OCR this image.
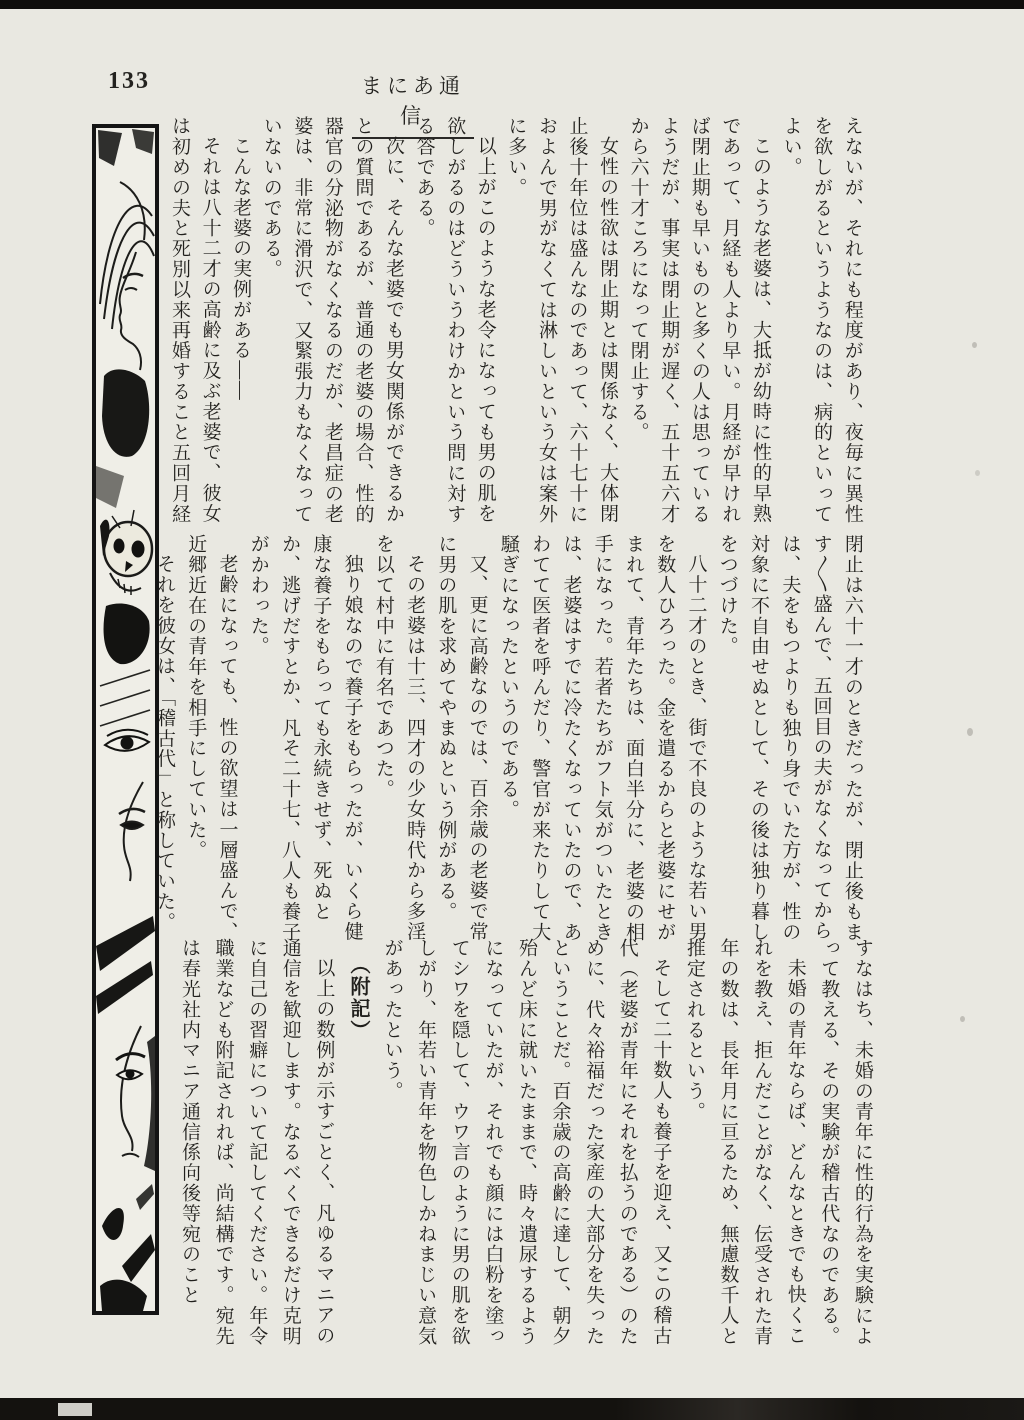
133	まにあ通信	えないが、それにも程度があり、夜毎に異性
を欲しがるというようなのは、病的といって
よい。
このような老婆は、大抵が幼時に性的早熟
であって、月経も人より早い。月経が早けれ
ば閉止期も早いものと多くの人は思っている
ようだが、事実は閉止期が遅く、五十五六才
から六十才ころになって閉止する。
女性の性欲は閉止期とは関係なく、大体閉
止後十年位は盛んなのであって、六十七十に
およんで男がなくては淋しいという女は案外
に多い。
以上がこのような老令になっても男の肌を
欲しがるのはどういうわけかという問に対す
る答である。
次に、そんな老婆でも男女関係ができるか
との質問であるが、普通の老婆の場合、性的
器官の分泌物がなくなるのだが、老昌症の老
婆は、非常に滑沢で、又緊張力もなくなって
いないのである。
こんな老婆の実例がある――
それは八十二才の高齢に及ぶ老婆で、彼女
は初めの夫と死別以来再婚すること五回月経
閉止は六十一才のときだったが、閉止後もま
す〱盛んで、五回目の夫がなくなってから
は、夫をもつよりも独り身でいた方が、性の
対象に不自由せぬとして、その後は独り暮し
をつづけた。
八十二才のとき、街で不良のような若い男
を数人ひろった。金を遣るからと老婆にせが
まれて、青年たちは、面白半分に、老婆の相
手になった。若者たちがフト気がついたとき
は、老婆はすでに冷たくなっていたので、あ
わてて医者を呼んだり、警官が来たりして大
騒ぎになったというのである。
又、更に高齢なのでは、百余歳の老婆で常
に男の肌を求めてやまぬという例がある。
その老婆は十三、四才の少女時代から多淫
を以て村中に有名であつた。
独り娘なので養子をもらったが、いくら健
康な養子をもらっても永続きせず、死ぬと
か、逃げだすとか、凡そ二十七、八人も養子
がかわった。
老齢になっても、性の欲望は一層盛んで、
近郷近在の青年を相手にしていた。
それを彼女は、「稽古代」と称していた。
すなはち、未婚の青年に性的行為を実験によ
って教える、その実験が稽古代なのである。
未婚の青年ならば、どんなときでも快くこ
れを教え、拒んだことがなく、伝受された青
年の数は、長年月に亘るため、無慮数千人と
推定されるという。
そして二十数人も養子を迎え、又この稽古
代（老婆が青年にそれを払うのである）のた
めに、代々裕福だった家産の大部分を失った
ということだ。百余歳の高齢に達して、朝夕
殆んど床に就いたままで、時々遺尿するよう
になっていたが、それでも顔には白粉を塗っ
てシワを隠して、ウワ言のように男の肌を欲
しがり、年若い青年を物色しかねまじい意気
があったという。
（附記）
以上の数例が示すごとく、凡ゆるマニアの
通信を歓迎します。なるべくできるだけ克明
に自己の習癖について記してください。年令
職業なども附記されれば、尚結構です。宛先
は春光社内マニア通信係向後等宛のこと
